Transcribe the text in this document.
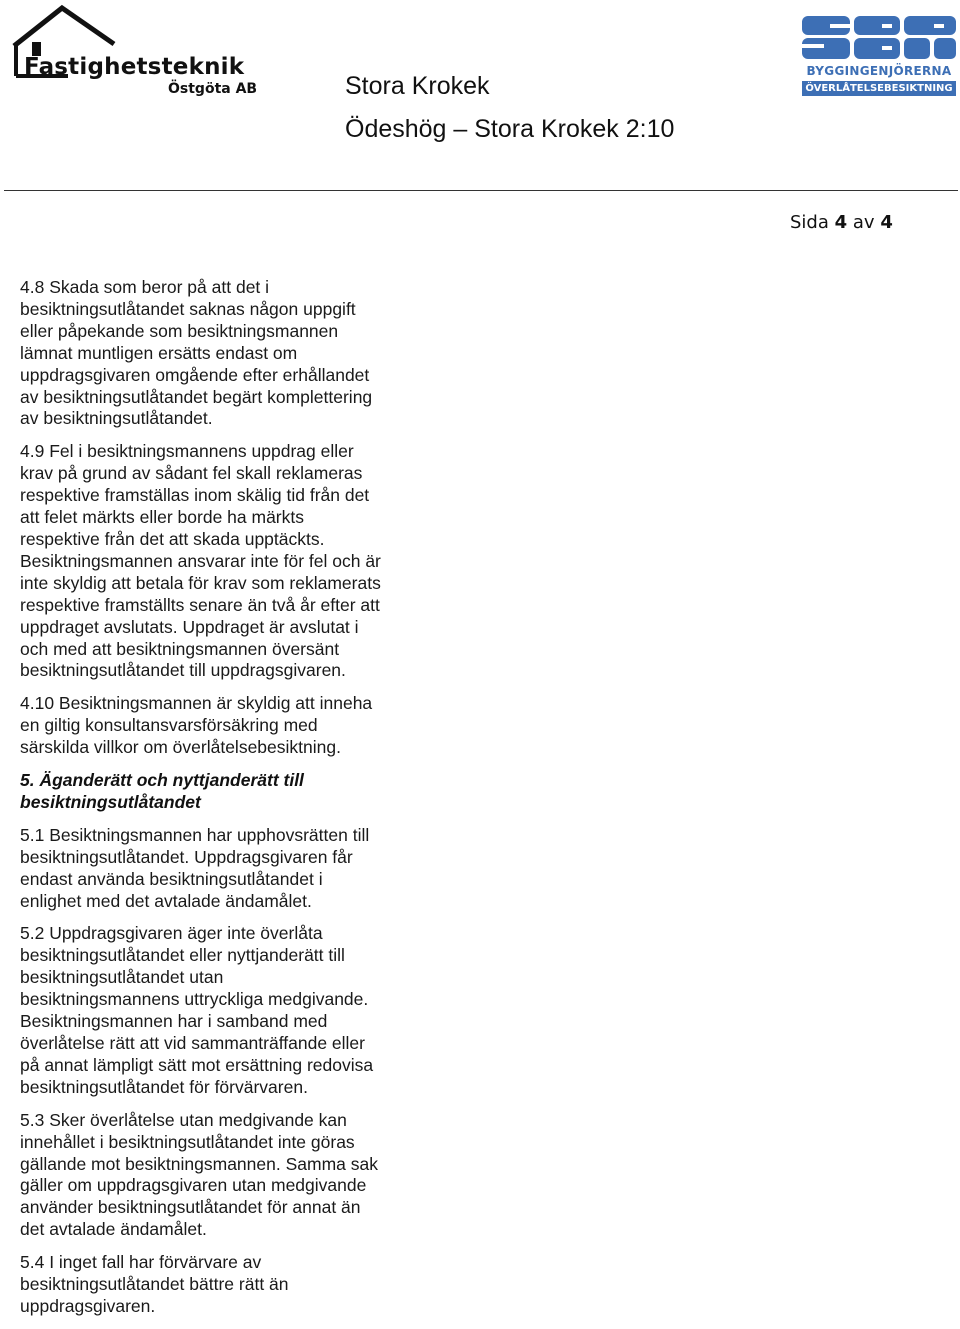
Fastighetsteknik
Östgöta AB	Stora Krokek
Ödeshög – Stora Krokek 2:10
BYGGINGENJÖRERNA
ÖVERLÅTELSEBESIKTNING
Sida 4 av 4
4.8 Skada som beror på att det i
besiktningsutlåtandet saknas någon uppgift
eller påpekande som besiktningsmannen
lämnat muntligen ersätts endast om
uppdragsgivaren omgående efter erhållandet
av besiktningsutlåtandet begärt komplettering
av besiktningsutlåtandet.
4.9 Fel i besiktningsmannens uppdrag eller
krav på grund av sådant fel skall reklameras
respektive framställas inom skälig tid från det
att felet märkts eller borde ha märkts
respektive från det att skada upptäckts.
Besiktningsmannen ansvarar inte för fel och är
inte skyldig att betala för krav som reklamerats
respektive framställts senare än två år efter att
uppdraget avslutats. Uppdraget är avslutat i
och med att besiktningsmannen översänt
besiktningsutlåtandet till uppdragsgivaren.
4.10 Besiktningsmannen är skyldig att inneha
en giltig konsultansvarsförsäkring med
särskilda villkor om överlåtelsebesiktning.
5. Äganderätt och nyttjanderätt till
besiktningsutlåtandet
5.1 Besiktningsmannen har upphovsrätten till
besiktningsutlåtandet. Uppdragsgivaren får
endast använda besiktningsutlåtandet i
enlighet med det avtalade ändamålet.
5.2 Uppdragsgivaren äger inte överlåta
besiktningsutlåtandet eller nyttjanderätt till
besiktningsutlåtandet utan
besiktningsmannens uttryckliga medgivande.
Besiktningsmannen har i samband med
överlåtelse rätt att vid sammanträffande eller
på annat lämpligt sätt mot ersättning redovisa
besiktningsutlåtandet för förvärvaren.
5.3 Sker överlåtelse utan medgivande kan
innehållet i besiktningsutlåtandet inte göras
gällande mot besiktningsmannen. Samma sak
gäller om uppdragsgivaren utan medgivande
använder besiktningsutlåtandet för annat än
det avtalade ändamålet.
5.4 I inget fall har förvärvare av
besiktningsutlåtandet bättre rätt än
uppdragsgivaren.
